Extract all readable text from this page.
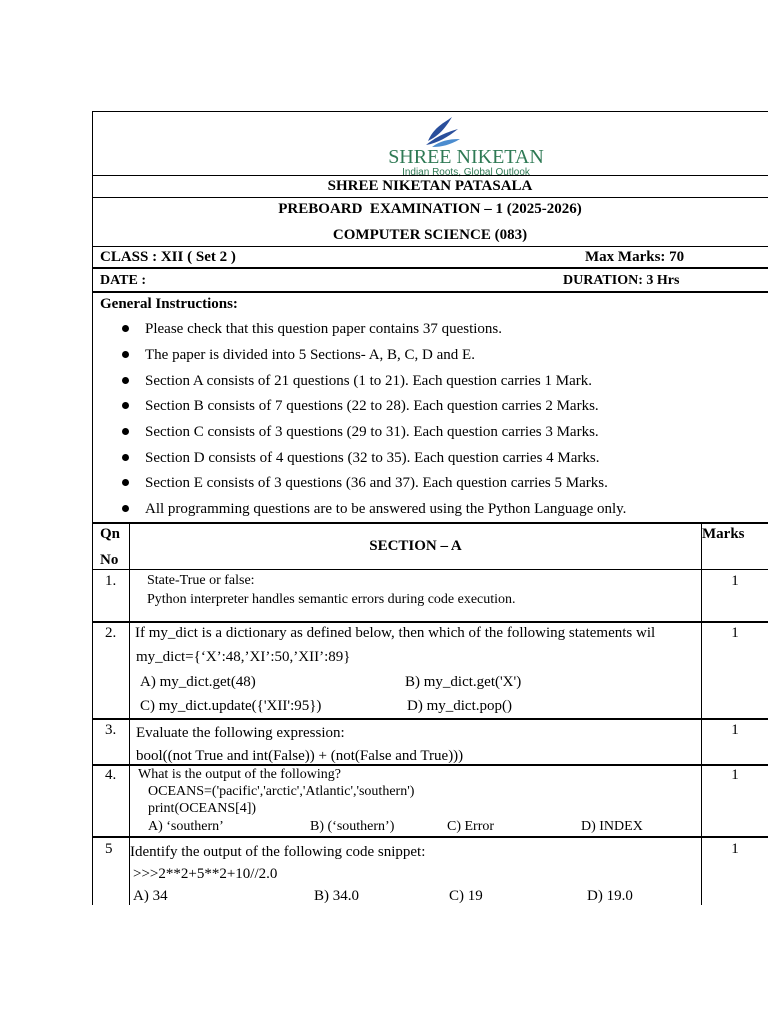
SHREE NIKETAN
Indian Roots, Global Outlook
SHREE NIKETAN PATASALA
PREBOARD  EXAMINATION – 1 (2025-2026)
COMPUTER SCIENCE (083)
CLASS : XII ( Set 2 )	Max Marks: 70
DATE :	DURATION: 3 Hrs
General Instructions:
Please check that this question paper contains 37 questions.
The paper is divided into 5 Sections- A, B, C, D and E.
Section A consists of 21 questions (1 to 21). Each question carries 1 Mark.
Section B consists of 7 questions (22 to 28). Each question carries 2 Marks.
Section C consists of 3 questions (29 to 31). Each question carries 3 Marks.
Section D consists of 4 questions (32 to 35). Each question carries 4 Marks.
Section E consists of 3 questions (36 and 37). Each question carries 5 Marks.
All programming questions are to be answered using the Python Language only.
Qn
No
SECTION – A
Marks
1. State-True or false:
Python interpreter handles semantic errors during code execution.
1
2. If my_dict is a dictionary as defined below, then which of the following statements wil
my_dict={‘X’:48,’XI’:50,’XII’:89}
A) my_dict.get(48)	B) my_dict.get('X')
C) my_dict.update({'XII':95})	D) my_dict.pop()
1
3. Evaluate the following expression:
bool((not True and int(False)) + (not(False and True)))
1
4. What is the output of the following?
OCEANS=('pacific','arctic','Atlantic','southern')
print(OCEANS[4])
A) ‘southern’	B) (‘southern’)	C) Error	D) INDEX
1
5 Identify the output of the following code snippet:
>>>2**2+5**2+10//2.0
A) 34	B) 34.0	C) 19	D) 19.0
1
